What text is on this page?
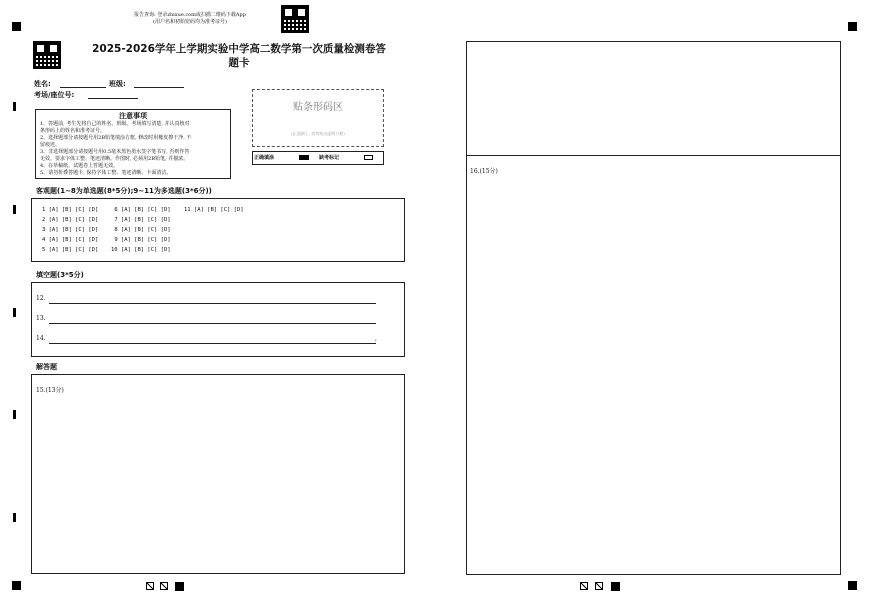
报告查询: 登录zhixue.com或扫描二维码下载App
(用户名和初始密码均为准考证号)
2025-2026学年上学期实验中学高二数学第一次质量检测卷答
题卡
姓名:	班级:
考场/座位号:
注意事项
1、答题前, 考生先将自己的姓名、班级、考场填写清楚, 并认真核对
条形码上的姓名和准考证号。
2、选择题部分请按题号用2B铅笔填涂方框, 修改时用橡皮擦干净, 不
留痕迹。
3、非选择题部分请按题号用0.5毫米黑色墨水签字笔书写, 否则作答
无效。要求字体工整、笔迹清晰。作图时, 必须用2B铅笔, 并描浓。
4、在草稿纸、试题卷上答题无效。
5、请勿折叠答题卡, 保持字体工整、笔迹清晰、卡面清洁。
贴条形码区
(正面朝上, 切勿贴出虚线方框)
正确填涂	缺考标记
客观题(1~8为单选题(8*5分);9~11为多选题(3*6分))
1 [A] [B] [C] [D]
2 [A] [B] [C] [D]
3 [A] [B] [C] [D]
4 [A] [B] [C] [D]
5 [A] [B] [C] [D]
6 [A] [B] [C] [D]
7 [A] [B] [C] [D]
8 [A] [B] [C] [D]
9 [A] [B] [C] [D]
10 [A] [B] [C] [D]
11 [A] [B] [C] [D]
填空题(3*5分)
12.
13.
14.	,
解答题
15.(13分)
16.(15分)
